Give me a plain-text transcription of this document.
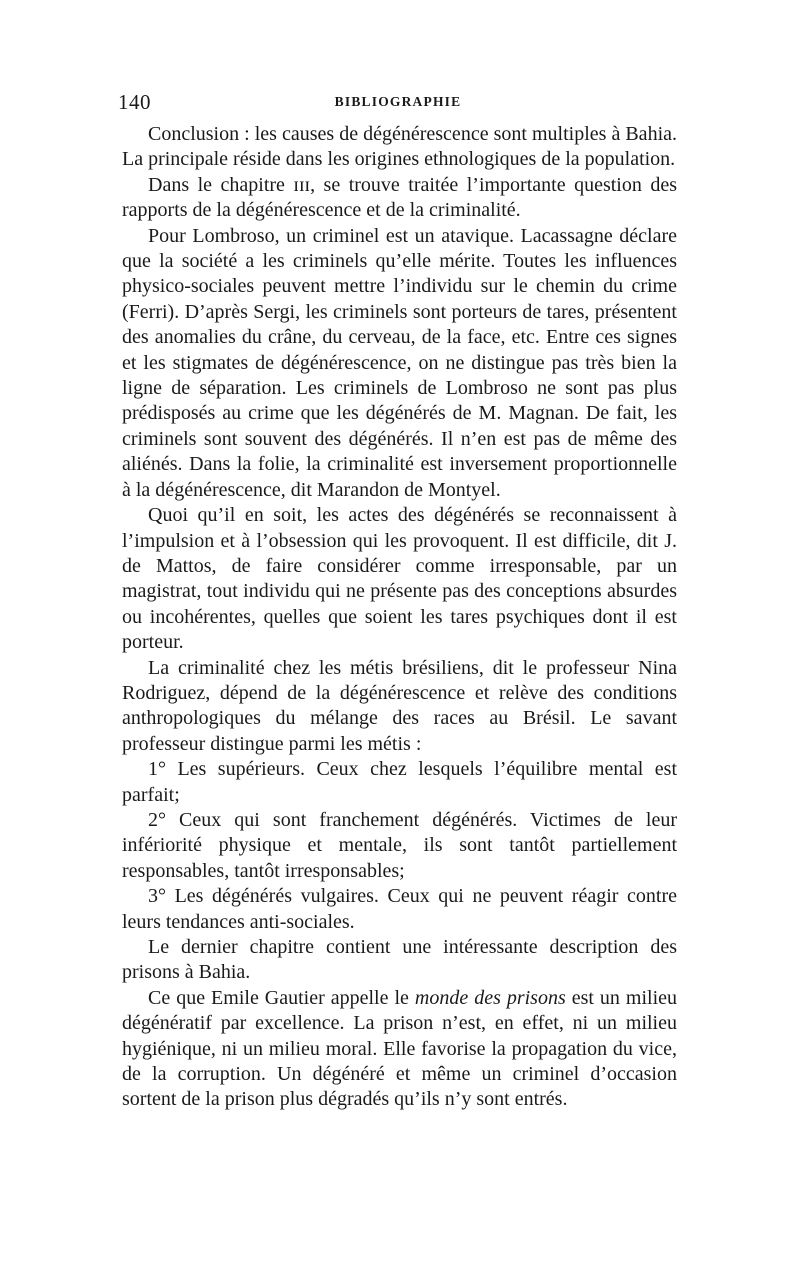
140	BIBLIOGRAPHIE

Conclusion : les causes de dégénérescence sont multiples à Bahia. La principale réside dans les origines ethnologiques de la population.

Dans le chapitre ɪɪɪ, se trouve traitée l’importante question des rapports de la dégénérescence et de la criminalité.

Pour Lombroso, un criminel est un atavique. Lacassagne déclare que la société a les criminels qu’elle mérite. Toutes les influences physico-sociales peuvent mettre l’individu sur le chemin du crime (Ferri). D’après Sergi, les criminels sont porteurs de tares, présentent des anomalies du crâne, du cerveau, de la face, etc. Entre ces signes et les stigmates de dégénérescence, on ne distingue pas très bien la ligne de séparation. Les criminels de Lombroso ne sont pas plus prédisposés au crime que les dégénérés de M. Magnan. De fait, les criminels sont souvent des dégénérés. Il n’en est pas de même des aliénés. Dans la folie, la criminalité est inversement proportionnelle à la dégénérescence, dit Marandon de Montyel.

Quoi qu’il en soit, les actes des dégénérés se reconnaissent à l’impulsion et à l’obsession qui les provoquent. Il est difficile, dit J. de Mattos, de faire considérer comme irresponsable, par un magistrat, tout individu qui ne présente pas des conceptions absurdes ou incohérentes, quelles que soient les tares psychiques dont il est porteur.

La criminalité chez les métis brésiliens, dit le professeur Nina Rodriguez, dépend de la dégénérescence et relève des conditions anthropologiques du mélange des races au Brésil. Le savant professeur distingue parmi les métis :

1° Les supérieurs. Ceux chez lesquels l’équilibre mental est parfait;

2° Ceux qui sont franchement dégénérés. Victimes de leur infériorité physique et mentale, ils sont tantôt partiellement responsables, tantôt irresponsables;

3° Les dégénérés vulgaires. Ceux qui ne peuvent réagir contre leurs tendances anti-sociales.

Le dernier chapitre contient une intéressante description des prisons à Bahia.

Ce que Emile Gautier appelle le monde des prisons est un milieu dégénératif par excellence. La prison n’est, en effet, ni un milieu hygiénique, ni un milieu moral. Elle favorise la propagation du vice, de la corruption. Un dégénéré et même un criminel d’occasion sortent de la prison plus dégradés qu’ils n’y sont entrés.
